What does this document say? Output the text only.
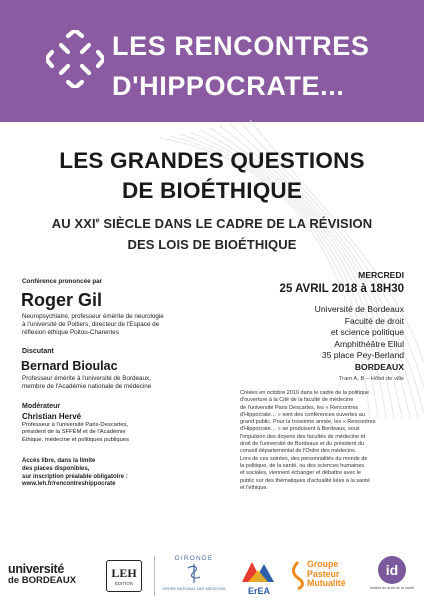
LES RENCONTRES
D'HIPPOCRATE...
LES GRANDES QUESTIONS
DE BIOÉTHIQUE
AU XXIe SIÈCLE DANS LE CADRE DE LA RÉVISION
DES LOIS DE BIOÉTHIQUE
Conférence prononcée par
Roger Gil
Neuropsychiatre, professeur émérite de neurologie
à l'université de Poitiers, directeur de l'Espace de
réflexion éthique Poitou-Charentes
Discutant
Bernard Bioulac
Professeur émérite à l'université de Bordeaux,
membre de l'Académie nationale de médecine
Modérateur
Christian Hervé
Professeur à l'université Paris-Descartes,
président de la SFFEM et de l'Académie
Éthique, médecine et politiques publiques
Accès libre, dans la limite
des places disponibles,
sur inscription préalable obligatoire :
www.leh.fr/rencontreshippocrate
MERCREDI
25 AVRIL 2018 à 18H30
Université de Bordeaux
Faculté de droit
et science politique
Amphithéâtre Ellul
35 place Pey-Berland
BORDEAUX
Tram A, B – Hôtel de ville
Créées en octobre 2010 dans le cadre de la politique
d'ouverture à la Cité de la faculté de médecine
de l'université Paris Descartes, les « Rencontres
d'Hippocrate… » sont des conférences ouvertes au
grand public. Pour la troisième année, les « Rencontres
d'Hippocrate… » se produisent à Bordeaux, sous
l'impulsion des doyens des facultés de médecine et
droit de l'université de Bordeaux et du président du
conseil départemental de l'Ordre des médecins.
Lors de ces soirées, des personnalités du monde de
la politique, de la santé, ou des sciences humaines
et sociales, viennent échanger et débattre avec le
public sur des thématiques d'actualité liées à la santé
et l'éthique.
université
de BORDEAUX
LEH
ÉDITION
GIRONDE
ORDRE NATIONAL DES MÉDECINS	ErEA
Groupe
Pasteur
Mutualité
id
Institut du droit de la santé
